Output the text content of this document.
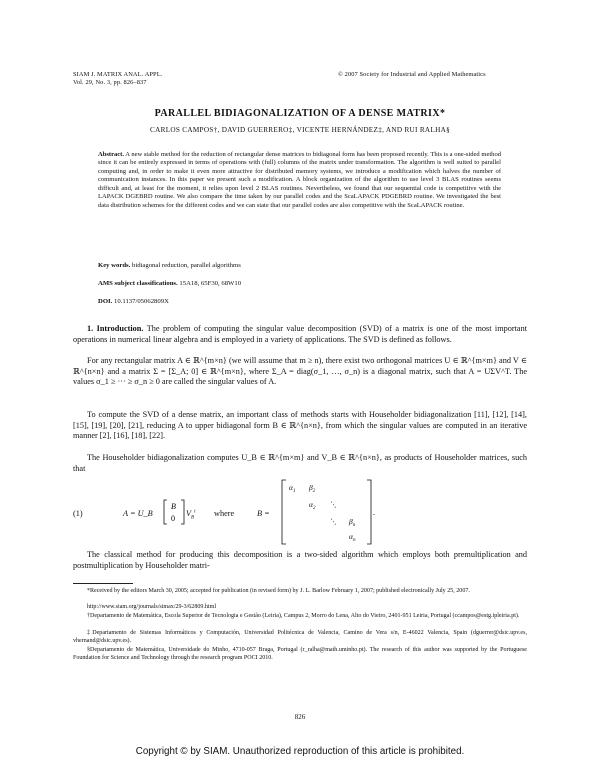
SIAM J. MATRIX ANAL. APPL.
Vol. 29, No. 3, pp. 826–837
© 2007 Society for Industrial and Applied Mathematics
PARALLEL BIDIAGONALIZATION OF A DENSE MATRIX*
CARLOS CAMPOS†, DAVID GUERRERO‡, VICENTE HERNÁNDEZ‡, AND RUI RALHA§
Abstract. A new stable method for the reduction of rectangular dense matrices to bidiagonal form has been proposed recently. This is a one-sided method since it can be entirely expressed in terms of operations with (full) columns of the matrix under transformation. The algorithm is well suited to parallel computing and, in order to make it even more attractive for distributed memory systems, we introduce a modification which halves the number of communication instances. In this paper we present such a modification. A block organization of the algorithm to use level 3 BLAS routines seems difficult and, at least for the moment, it relies upon level 2 BLAS routines. Nevertheless, we found that our sequential code is competitive with the LAPACK DGEBRD routine. We also compare the time taken by our parallel codes and the ScaLAPACK PDGEBRD routine. We investigated the best data distribution schemes for the different codes and we can state that our parallel codes are also competitive with the ScaLAPACK routine.
Key words. bidiagonal reduction, parallel algorithms
AMS subject classifications. 15A18, 65F30, 68W10
DOI. 10.1137/05062809X
1. Introduction. The problem of computing the singular value decomposition (SVD) of a matrix is one of the most important operations in numerical linear algebra and is employed in a variety of applications. The SVD is defined as follows.
For any rectangular matrix A ∈ ℝ^{m×n} (we will assume that m ≥ n), there exist two orthogonal matrices U ∈ ℝ^{m×m} and V ∈ ℝ^{n×n} and a matrix Σ = [Σ_A; 0] ∈ ℝ^{m×n}, where Σ_A = diag(σ_1, …, σ_n) is a diagonal matrix, such that A = UΣV^T. The values σ_1 ≥ ··· ≥ σ_n ≥ 0 are called the singular values of A.
To compute the SVD of a dense matrix, an important class of methods starts with Householder bidiagonalization [11], [12], [14], [15], [19], [20], [21], reducing A to upper bidiagonal form B ∈ ℝ^{n×n}, from which the singular values are computed in an iterative manner [2], [16], [18], [22].
The Householder bidiagonalization computes U_B ∈ ℝ^{m×m} and V_B ∈ ℝ^{n×n}, as products of Householder matrices, such that
(1)	A = U_B
B
0
$V_B^t$ where	B =
$\alpha_1$ $\beta_2$
$\alpha_2$ ⋱
⋱ $\beta_n$
$\alpha_n$
.
The classical method for producing this decomposition is a two-sided algorithm which employs both premultiplication and postmultiplication by Householder matri-
*Received by the editors March 30, 2005; accepted for publication (in revised form) by J. L. Barlow February 1, 2007; published electronically July 25, 2007.
http://www.siam.org/journals/simax/29-3/62809.html
†Departamento de Matemática, Escola Superior de Tecnologia e Gestão (Leiria), Campus 2, Morro do Lena, Alto do Vieiro, 2401-951 Leiria, Portugal (ccampos@estg.ipleiria.pt).
‡Departamento de Sistemas Informáticos y Computación, Universidad Politécnica de Valencia, Camino de Vera s/n, E-46022 Valencia, Spain (dguerrer@dsic.upv.es, vhernand@dsic.upv.es).
§Departamento de Matemática, Universidade do Minho, 4710-057 Braga, Portugal (r_ralha@math.uminho.pt). The research of this author was supported by the Portuguese Foundation for Science and Technology through the research program POCI 2010.
826
Copyright © by SIAM. Unauthorized reproduction of this article is prohibited.
